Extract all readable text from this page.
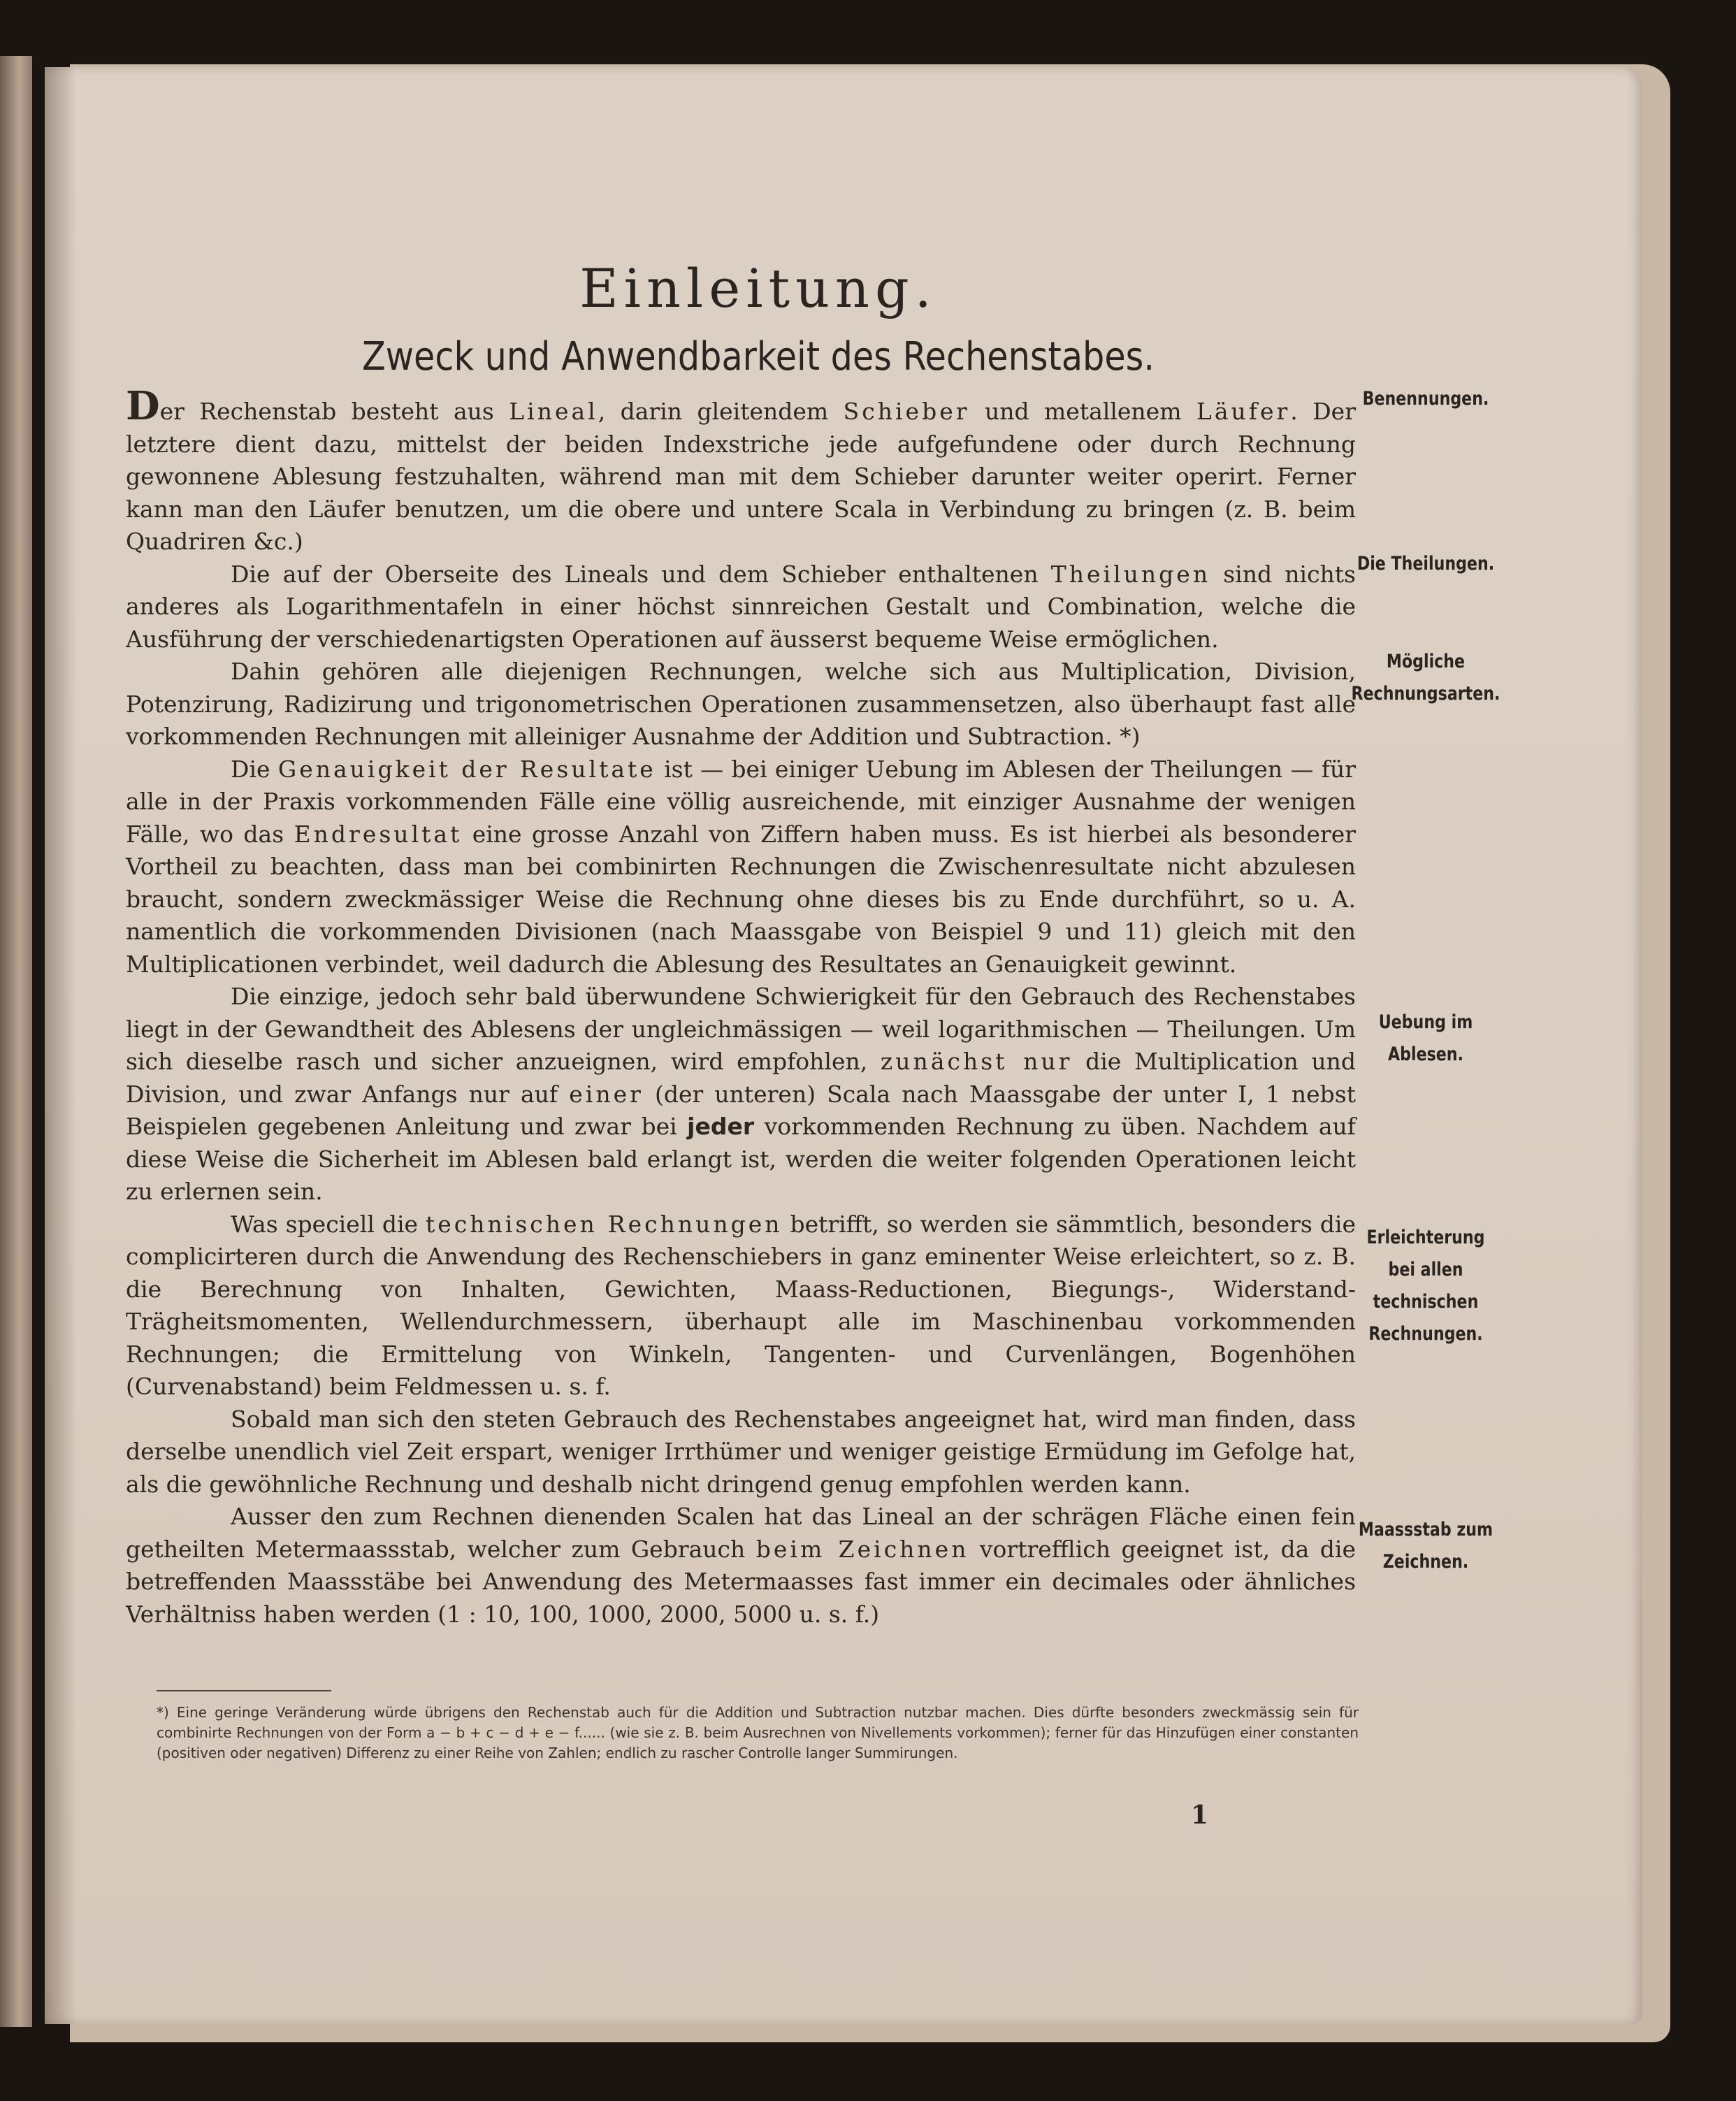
Einleitung.
Zweck und Anwendbarkeit des Rechenstabes.

Der Rechenstab besteht aus Lineal, darin gleitendem Schieber und metallenem Läufer. Der letztere dient dazu, mittelst der beiden Indexstriche jede aufgefundene oder durch Rechnung gewonnene Ablesung festzuhalten, während man mit dem Schieber darunter weiter operirt. Ferner kann man den Läufer benutzen, um die obere und untere Scala in Verbindung zu bringen (z. B. beim Quadriren &c.)

Die auf der Oberseite des Lineals und dem Schieber enthaltenen Theilungen sind nichts anderes als Logarithmentafeln in einer höchst sinnreichen Gestalt und Combination, welche die Ausführung der verschiedenartigsten Operationen auf äusserst bequeme Weise ermöglichen.

Dahin gehören alle diejenigen Rechnungen, welche sich aus Multiplication, Division, Potenzirung, Radizirung und trigonometrischen Operationen zusammensetzen, also überhaupt fast alle vorkommenden Rechnungen mit alleiniger Ausnahme der Addition und Subtraction. *)

Die Genauigkeit der Resultate ist — bei einiger Uebung im Ablesen der Theilungen — für alle in der Praxis vorkommenden Fälle eine völlig ausreichende, mit einziger Ausnahme der wenigen Fälle, wo das Endresultat eine grosse Anzahl von Ziffern haben muss. Es ist hierbei als besonderer Vortheil zu beachten, dass man bei combinirten Rechnungen die Zwischenresultate nicht abzulesen braucht, sondern zweckmässiger Weise die Rechnung ohne dieses bis zu Ende durchführt, so u. A. namentlich die vorkommenden Divisionen (nach Maassgabe von Beispiel 9 und 11) gleich mit den Multiplicationen verbindet, weil dadurch die Ablesung des Resultates an Genauigkeit gewinnt.

Die einzige, jedoch sehr bald überwundene Schwierigkeit für den Gebrauch des Rechenstabes liegt in der Gewandtheit des Ablesens der ungleichmässigen — weil logarithmischen — Theilungen. Um sich dieselbe rasch und sicher anzueignen, wird empfohlen, zunächst nur die Multiplication und Division, und zwar Anfangs nur auf einer (der unteren) Scala nach Maassgabe der unter I, 1 nebst Beispielen gegebenen Anleitung und zwar bei jeder vorkommenden Rechnung zu üben. Nachdem auf diese Weise die Sicherheit im Ablesen bald erlangt ist, werden die weiter folgenden Operationen leicht zu erlernen sein.

Was speciell die technischen Rechnungen betrifft, so werden sie sämmtlich, besonders die complicirteren durch die Anwendung des Rechenschiebers in ganz eminenter Weise erleichtert, so z. B. die Berechnung von Inhalten, Gewichten, Maass-Reductionen, Biegungs-, Widerstand-Trägheitsmomenten, Wellendurchmessern, überhaupt alle im Maschinenbau vorkommenden Rechnungen; die Ermittelung von Winkeln, Tangenten- und Curvenlängen, Bogenhöhen (Curvenabstand) beim Feldmessen u. s. f.

Sobald man sich den steten Gebrauch des Rechenstabes angeeignet hat, wird man finden, dass derselbe unendlich viel Zeit erspart, weniger Irrthümer und weniger geistige Ermüdung im Gefolge hat, als die gewöhnliche Rechnung und deshalb nicht dringend genug empfohlen werden kann.

Ausser den zum Rechnen dienenden Scalen hat das Lineal an der schrägen Fläche einen fein getheilten Metermaassstab, welcher zum Gebrauch beim Zeichnen vortrefflich geeignet ist, da die betreffenden Maassstäbe bei Anwendung des Metermaasses fast immer ein decimales oder ähnliches Verhältniss haben werden (1 : 10, 100, 1000, 2000, 5000 u. s. f.)

Benennungen.
Die Theilungen.
Mögliche Rechnungsarten.
Uebung im Ablesen.
Erleichterung bei allen technischen Rechnungen.
Maassstab zum Zeichnen.

*) Eine geringe Veränderung würde übrigens den Rechenstab auch für die Addition und Subtraction nutzbar machen. Dies dürfte besonders zweckmässig sein für combinirte Rechnungen von der Form a − b + c − d + e − f...... (wie sie z. B. beim Ausrechnen von Nivellements vorkommen); ferner für das Hinzufügen einer constanten (positiven oder negativen) Differenz zu einer Reihe von Zahlen; endlich zu rascher Controlle langer Summirungen.

1
